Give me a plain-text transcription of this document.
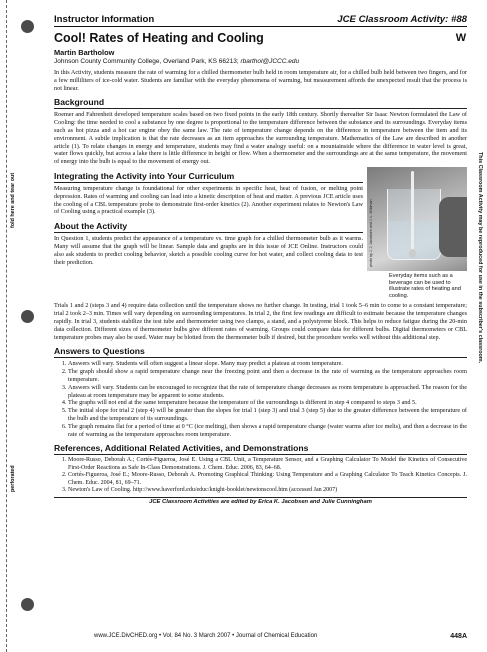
fold here and tear out
perforated
This Classroom Activity may be reproduced for use in the subscriber's classroom.
Instructor Information	JCE Classroom Activity: #88
Cool! Rates of Heating and Cooling	W
Martin Bartholow
Johnson County Community College, Overland Park, KS 66213; rbarthol@JCCC.edu

In this Activity, students measure the rate of warming for a chilled thermometer bulb held in room temperature air, for a chilled bulb held between two fingers, and for a few milliliters of ice-cold water. Students are familiar with the everyday phenomena of warming, but measurement affords the unexpected result that the process is not linear.

Background

Roemer and Fahrenheit developed temperature scales based on two fixed points in the early 18th century. Shortly thereafter Sir Isaac Newton formulated the Law of Cooling: the time needed to cool a substance by one degree is proportional to the temperature difference between the substance and its surroundings. Everyday items such as hot pizza and a hot car engine obey the same law. The rate of temperature change depends on the difference in temperature between the item and its environment. A subtle implication is that the rate decreases as an item approaches the surrounding temperature. Mathematics of the Law are described in another article (1). To relate changes in energy and temperature, students may find a water analogy useful: on a mountainside where the difference in water level is great, water flows quickly, but across a lake there is little difference in height or flow. When a thermometer and the surroundings are at the same temperature, the movement of energy into the bulb is equal to the movement of energy out.

Integrating the Activity into Your Curriculum

Measuring temperature change is foundational for other experiments in specific heat, heat of fusion, or melting point depression. Rates of warming and cooling can lead into a kinetic description of heat and matter. A previous JCE article uses the cooling of a CBL temperature probe to demonstrate first-order kinetics (2). Another experiment relates to Newton's Law of Cooling using a practical example (3).

About the Activity

In Question 1, students predict the appearance of a temperature vs. time graph for a chilled thermometer bulb as it warms. Many will assume that the graph will be linear. Sample data and graphs are in this issue of JCE Online. Instructors could also ask students to predict cooling behavior, sketch a possible cooling curve for hot water, and collect cooling data to test their prediction.	photo by J. J. Jacobsen and J. L. Wildman
Everyday items such as a beverage can be used to illustrate rates of heating and cooling.

Trials 1 and 2 (steps 3 and 4) require data collection until the temperature shows no further change. In testing, trial 1 took 5–6 min to come to a constant temperature; trial 2 took 2–3 min. Times will vary depending on surrounding temperatures. In trial 2, the first few readings are difficult to estimate because the temperature changes rapidly. In trial 3, students stabilize the test tube and thermometer using two clamps, a stand, and a polystyrene block. This helps to reduce fatigue during the 20-min data collection. Different sizes of thermometer bulbs give different rates of warming. Groups could compare data for different bulbs. Digital thermometers or CBL temperature probes may also be used. Water may be blotted from the thermometer bulb if desired, but the procedure works well without this additional step.

Answers to Questions
1. Answers will vary. Students will often suggest a linear slope. Many may predict a plateau at room temperature.
2. The graph should show a rapid temperature change near the freezing point and then a decrease in the rate of warming as the temperature approaches room temperature.
3. Answers will vary. Students can be encouraged to recognize that the rate of temperature change decreases as room temperature is approached. The reason for the plateau at room temperature may be apparent to some students.
4. The graphs will not end at the same temperature because the temperature of the surroundings is different in step 4 compared to steps 3 and 5.
5. The initial slope for trial 2 (step 4) will be greater than the slopes for trial 1 (step 3) and trial 3 (step 5) due to the greater difference between the temperature of the bulb and the temperature of its surroundings.
6. The graph remains flat for a period of time at 0 °C (ice melting), then shows a rapid temperature change (water warms after ice melts), and then a decrease in the rate of warming as the temperature approaches room temperature.
References, Additional Related Activities, and Demonstrations
1. Moore-Russo, Deborah A.; Cortés-Figueroa, José E. Using a CBL Unit, a Temperature Sensor, and a Graphing Calculator To Model the Kinetics of Consecutive First-Order Reactions as Safe In-Class Demonstrations. J. Chem. Educ. 2006, 83, 64–68.
2. Cortés-Figueroa, José E.; Moore-Russo, Deborah A. Promoting Graphical Thinking: Using Temperature and a Graphing Calculator To Teach Kinetics Concepts. J. Chem. Educ. 2004, 81, 69–71.
3. Newton's Law of Cooling. http://www.haverford.edu/educ/knight-booklet/newtonscool.htm (accessed Jan 2007)
JCE Classroom Activities are edited by Erica K. Jacobsen and Julie Cunningham
www.JCE.DivCHED.org • Vol. 84 No. 3 March 2007 • Journal of Chemical Education	448A
